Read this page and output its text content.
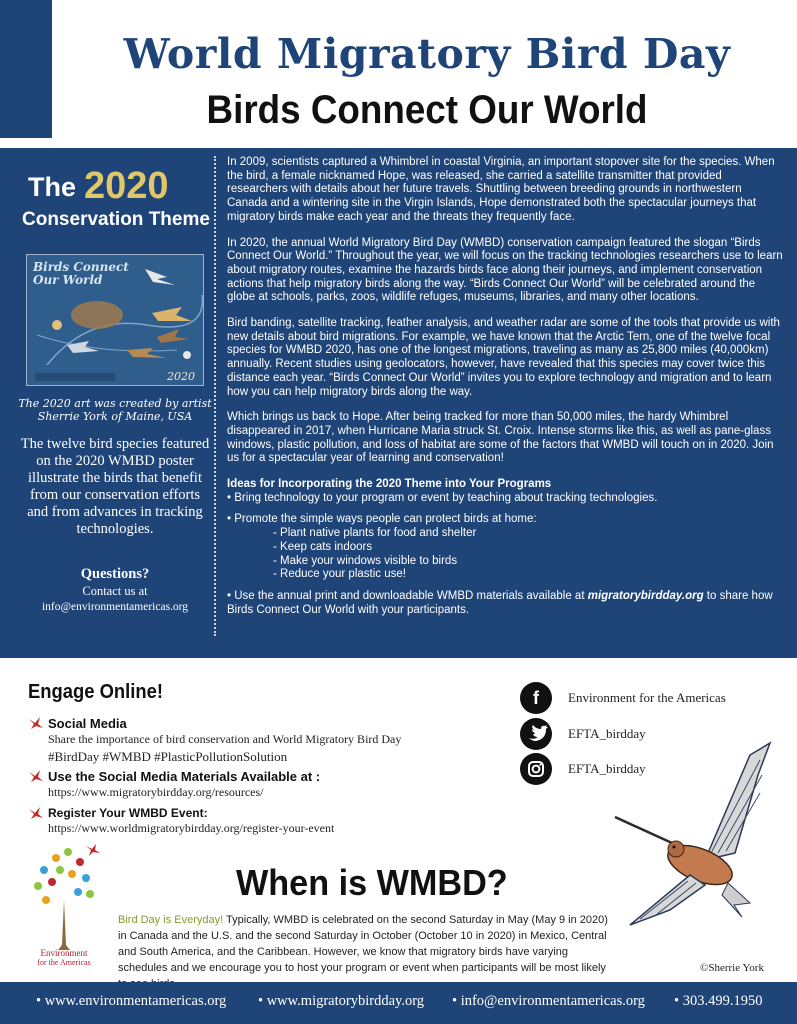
World Migratory Bird Day
Birds Connect Our World
The 2020
Conservation Theme
Birds Connect Our World
2020
The 2020 art was created by artist
Sherrie York of Maine, USA
The twelve bird species featured on the 2020 WMBD poster illustrate the birds that benefit from our conservation efforts and from advances in tracking technologies.
Questions?
Contact us at
info@environmentamericas.org

In 2009, scientists captured a Whimbrel in coastal Virginia, an important stopover site for the species. When the bird, a female nicknamed Hope, was released, she carried a satellite transmitter that provided researchers with details about her future travels. Shuttling between breeding grounds in northwestern Canada and a wintering site in the Virgin Islands, Hope demonstrated both the spectacular journeys that migratory birds make each year and the threats they frequently face.

In 2020, the annual World Migratory Bird Day (WMBD) conservation campaign featured the slogan “Birds Connect Our World.” Throughout the year, we will focus on the tracking technologies researchers use to learn about migratory routes, examine the hazards birds face along their journeys, and implement conservation actions that help migratory birds along the way. “Birds Connect Our World” will be celebrated around the globe at schools, parks, zoos, wildlife refuges, museums, libraries, and many other locations.

Bird banding, satellite tracking, feather analysis, and weather radar are some of the tools that provide us with new details about bird migrations. For example, we have known that the Arctic Tern, one of the twelve focal species for WMBD 2020, has one of the longest migrations, traveling as many as 25,800 miles (40,000km) annually. Recent studies using geolocators, however, have revealed that this species may cover twice this distance each year. “Birds Connect Our World” invites you to explore technology and migration and to learn how you can help migratory birds along the way.

Which brings us back to Hope. After being tracked for more than 50,000 miles, the hardy Whimbrel disappeared in 2017, when Hurricane Maria struck St. Croix. Intense storms like this, as well as pane-glass windows, plastic pollution, and loss of habitat are some of the factors that WMBD will touch on in 2020. Join us for a spectacular year of learning and conservation!

Ideas for Incorporating the 2020 Theme into Your Programs

• Bring technology to your program or event by teaching about tracking technologies.

• Promote the simple ways people can protect birds at home:

- Plant native plants for food and shelter

- Keep cats indoors

- Make your windows visible to birds

- Reduce your plastic use!

• Use the annual print and downloadable WMBD materials available at migratorybirdday.org to share how Birds Connect Our World with your participants.

Engage Online!
Social Media
Share the importance of bird conservation and World Migratory Bird Day
#BirdDay #WMBD #PlasticPollutionSolution
Use the Social Media Materials Available at :
https://www.migratorybirdday.org/resources/
Register Your WMBD Event:
https://www.worldmigratorybirdday.org/register-your-event
f	Environment for the Americas
EFTA_birdday
EFTA_birdday
Environment
for the Americas
When is WMBD?

Bird Day is Everyday! Typically, WMBD is celebrated on the second Saturday in May (May 9 in 2020) in Canada and the U.S. and the second Saturday in October (October 10 in 2020) in Mexico, Central and South America, and the Caribbean. However, we know that migratory birds have varying schedules and we encourage you to host your program or event when participants will be most likely	©Sherrie York
• www.environmentamericas.org • www.migratorybirdday.org • info@environmentamericas.org • 303.499.1950
